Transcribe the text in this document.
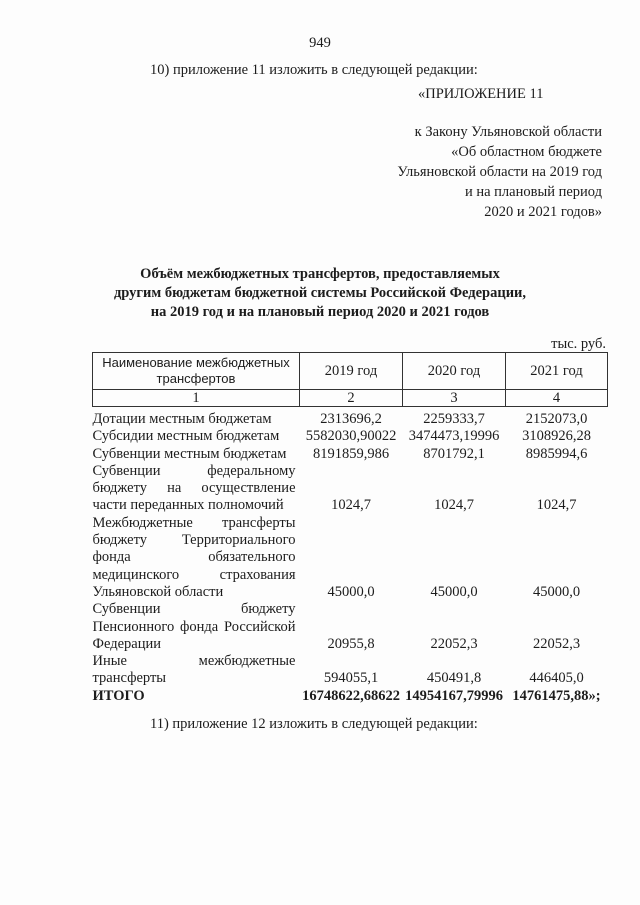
949
10) приложение 11 изложить в следующей редакции:
«ПРИЛОЖЕНИЕ 11
к Закону Ульяновской области
«Об областном бюджете
Ульяновской области на 2019 год
и на плановый период
2020 и 2021 годов»
Объём межбюджетных трансфертов, предоставляемых
другим бюджетам бюджетной системы Российской Федерации,
на 2019 год и на плановый период 2020 и 2021 годов
тыс. руб.
Наименование межбюджетных трансфертов	2019 год	2020 год	2021 год
1	2	3	4
Дотации местным бюджетам	2313696,2	2259333,7	2152073,0
Субсидии местным бюджетам	5582030,90022	3474473,19996	3108926,28
Субвенции местным бюджетам	8191859,986	8701792,1	8985994,6
Субвенции федеральному бюджету на осуществление части переданных полномочий	1024,7	1024,7	1024,7
Межбюджетные трансферты бюджету Территориального фонда обязательного медицинского страхования Ульяновской области	45000,0	45000,0	45000,0
Субвенции бюджету Пенсионного фонда Российской Федерации	20955,8	22052,3	22052,3
Иные межбюджетные трансферты	594055,1	450491,8	446405,0
ИТОГО	16748622,68622	14954167,79996	14761475,88»;
11) приложение 12 изложить в следующей редакции:
